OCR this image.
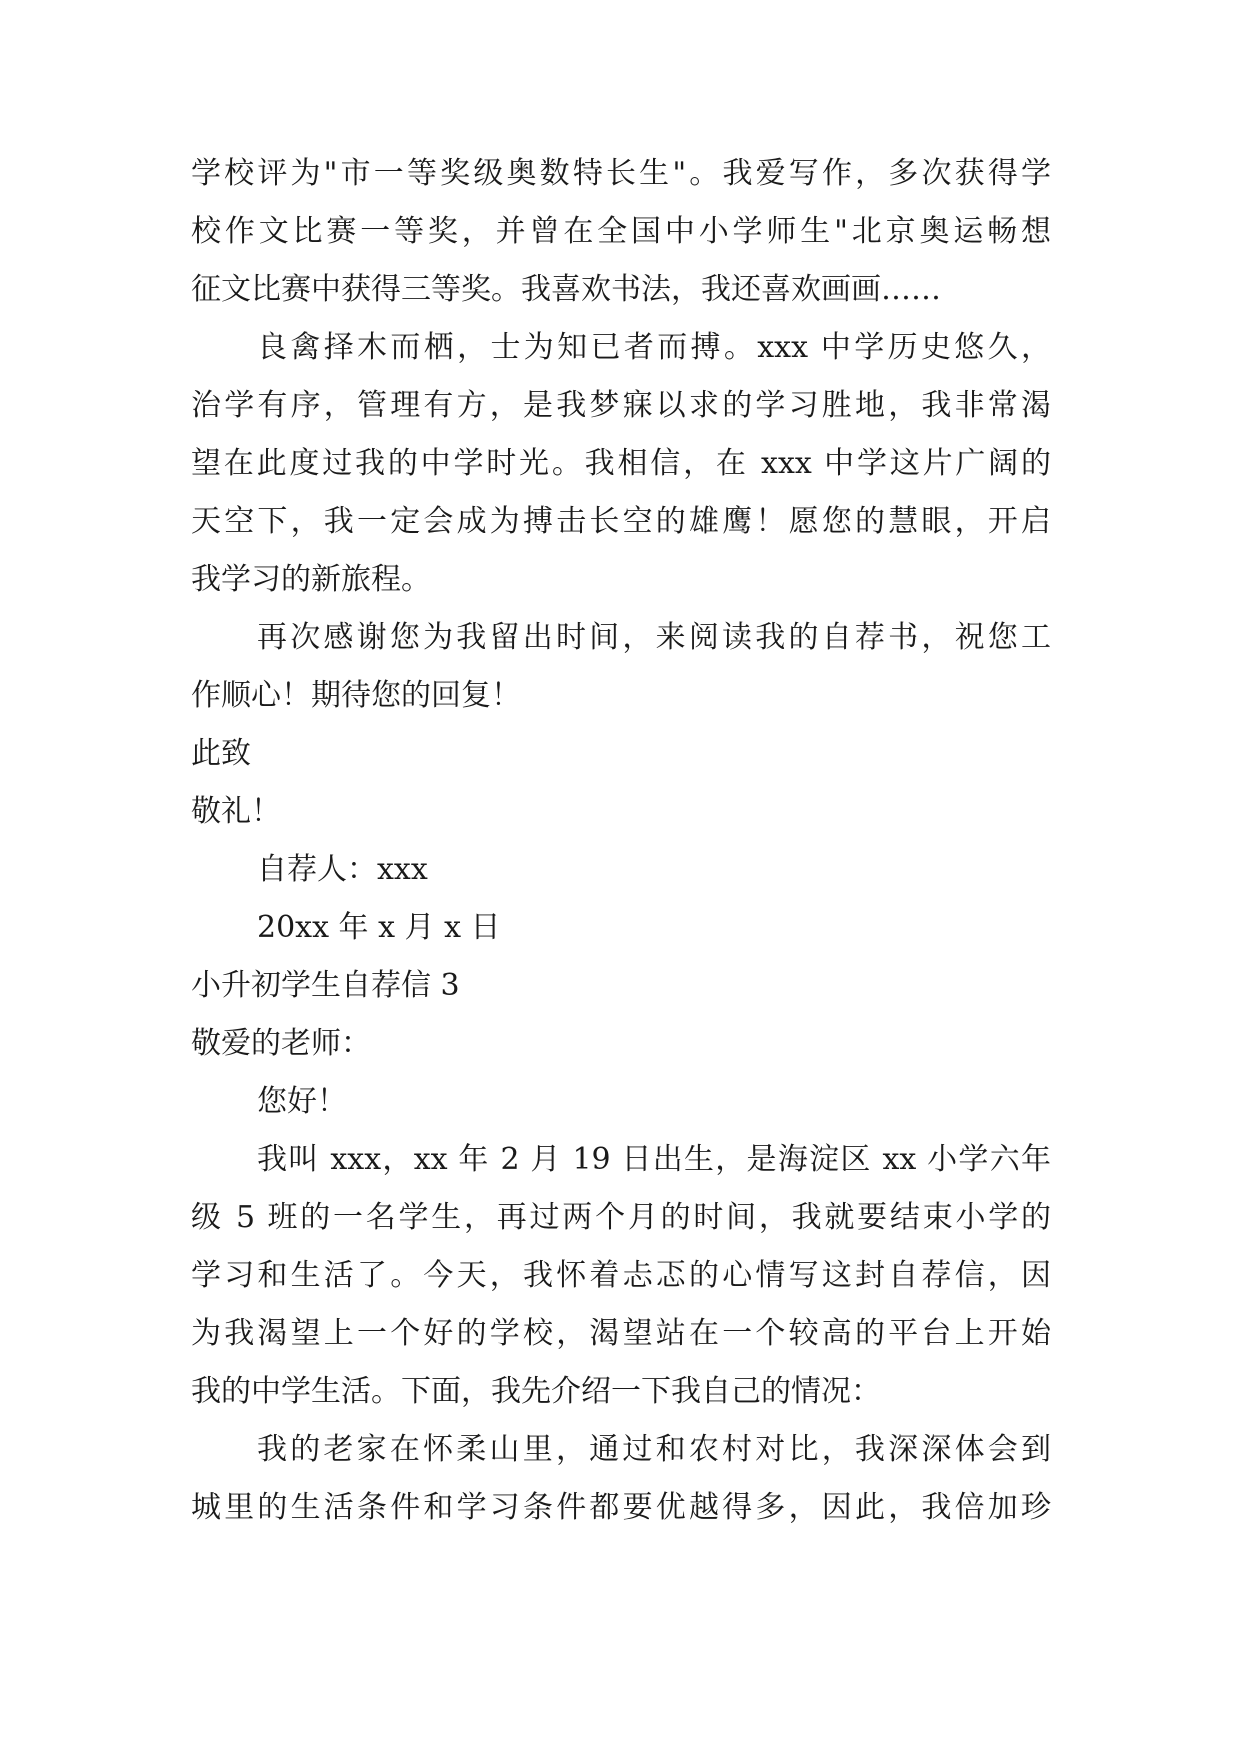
学校评为"市一等奖级奥数特长生"。我爱写作，多次获得学
校作文比赛一等奖，并曾在全国中小学师生"北京奥运畅想
征文比赛中获得三等奖。我喜欢书法，我还喜欢画画……
良禽择木而栖，士为知已者而搏。xxx 中学历史悠久，
治学有序，管理有方，是我梦寐以求的学习胜地，我非常渴
望在此度过我的中学时光。我相信，在 xxx 中学这片广阔的
天空下，我一定会成为搏击长空的雄鹰！愿您的慧眼，开启
我学习的新旅程。
再次感谢您为我留出时间，来阅读我的自荐书，祝您工
作顺心！期待您的回复！
此致
敬礼！
自荐人：xxx
20xx 年 x 月 x 日
小升初学生自荐信 3
敬爱的老师：
您好！
我叫 xxx，xx 年 2 月 19 日出生，是海淀区 xx 小学六年
级 5 班的一名学生，再过两个月的时间，我就要结束小学的
学习和生活了。今天，我怀着忐忑的心情写这封自荐信，因
为我渴望上一个好的学校，渴望站在一个较高的平台上开始
我的中学生活。下面，我先介绍一下我自己的情况：
我的老家在怀柔山里，通过和农村对比，我深深体会到
城里的生活条件和学习条件都要优越得多，因此，我倍加珍
